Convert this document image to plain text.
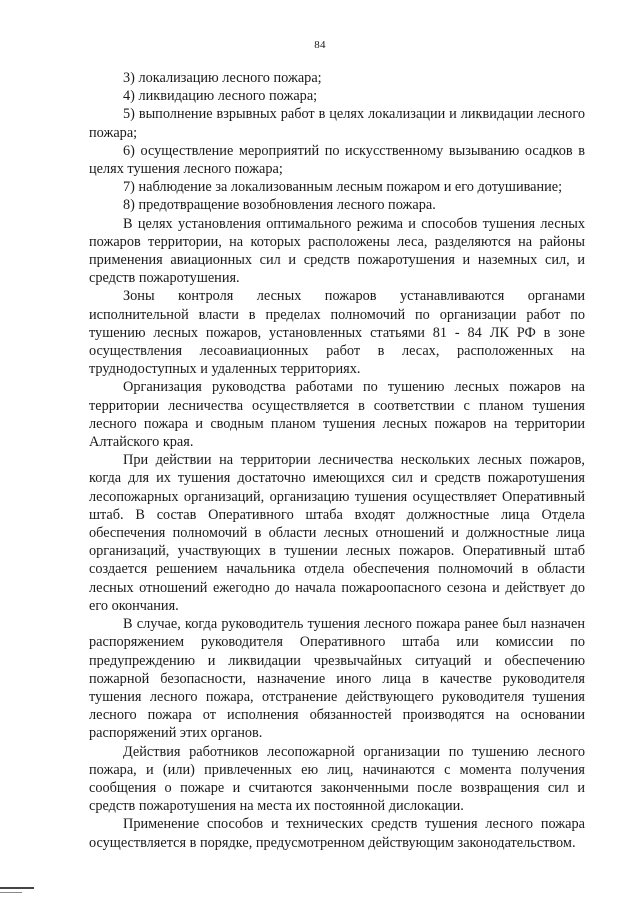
84

3) локализацию лесного пожара;

4) ликвидацию лесного пожара;

5) выполнение взрывных работ в целях локализации и ликвидации лесного пожара;

6) осуществление мероприятий по искусственному вызыванию осадков в целях тушения лесного пожара;

7) наблюдение за локализованным лесным пожаром и его дотушивание;

8) предотвращение возобновления лесного пожара.

В целях установления оптимального режима и способов тушения лесных пожаров территории, на которых расположены леса, разделяются на районы применения авиационных сил и средств пожаротушения и наземных сил, и средств пожаротушения.

Зоны контроля лесных пожаров устанавливаются органами исполнительной власти в пределах полномочий по организации работ по тушению лесных пожаров, установленных статьями 81 - 84 ЛК РФ в зоне осуществления лесоавиационных работ в лесах, расположенных на труднодоступных и удаленных территориях.

Организация руководства работами по тушению лесных пожаров на территории лесничества осуществляется в соответствии с планом тушения лесного пожара и сводным планом тушения лесных пожаров на территории Алтайского края.

При действии на территории лесничества нескольких лесных пожаров, когда для их тушения достаточно имеющихся сил и средств пожаротушения лесопожарных организаций, организацию тушения осуществляет Оперативный штаб. В состав Оперативного штаба входят должностные лица Отдела обеспечения полномочий в области лесных отношений и должностные лица организаций, участвующих в тушении лесных пожаров. Оперативный штаб создается решением начальника отдела обеспечения полномочий в области лесных отношений ежегодно до начала пожароопасного сезона и действует до его окончания.

В случае, когда руководитель тушения лесного пожара ранее был назначен распоряжением руководителя Оперативного штаба или комиссии по предупреждению и ликвидации чрезвычайных ситуаций и обеспечению пожарной безопасности, назначение иного лица в качестве руководителя тушения лесного пожара, отстранение действующего руководителя тушения лесного пожара от исполнения обязанностей производятся на основании распоряжений этих органов.

Действия работников лесопожарной организации по тушению лесного пожара, и (или) привлеченных ею лиц, начинаются с момента получения сообщения о пожаре и считаются законченными после возвращения сил и средств пожаротушения на места их постоянной дислокации.

Применение способов и технических средств тушения лесного пожара осуществляется в порядке, предусмотренном действующим законодательством.
